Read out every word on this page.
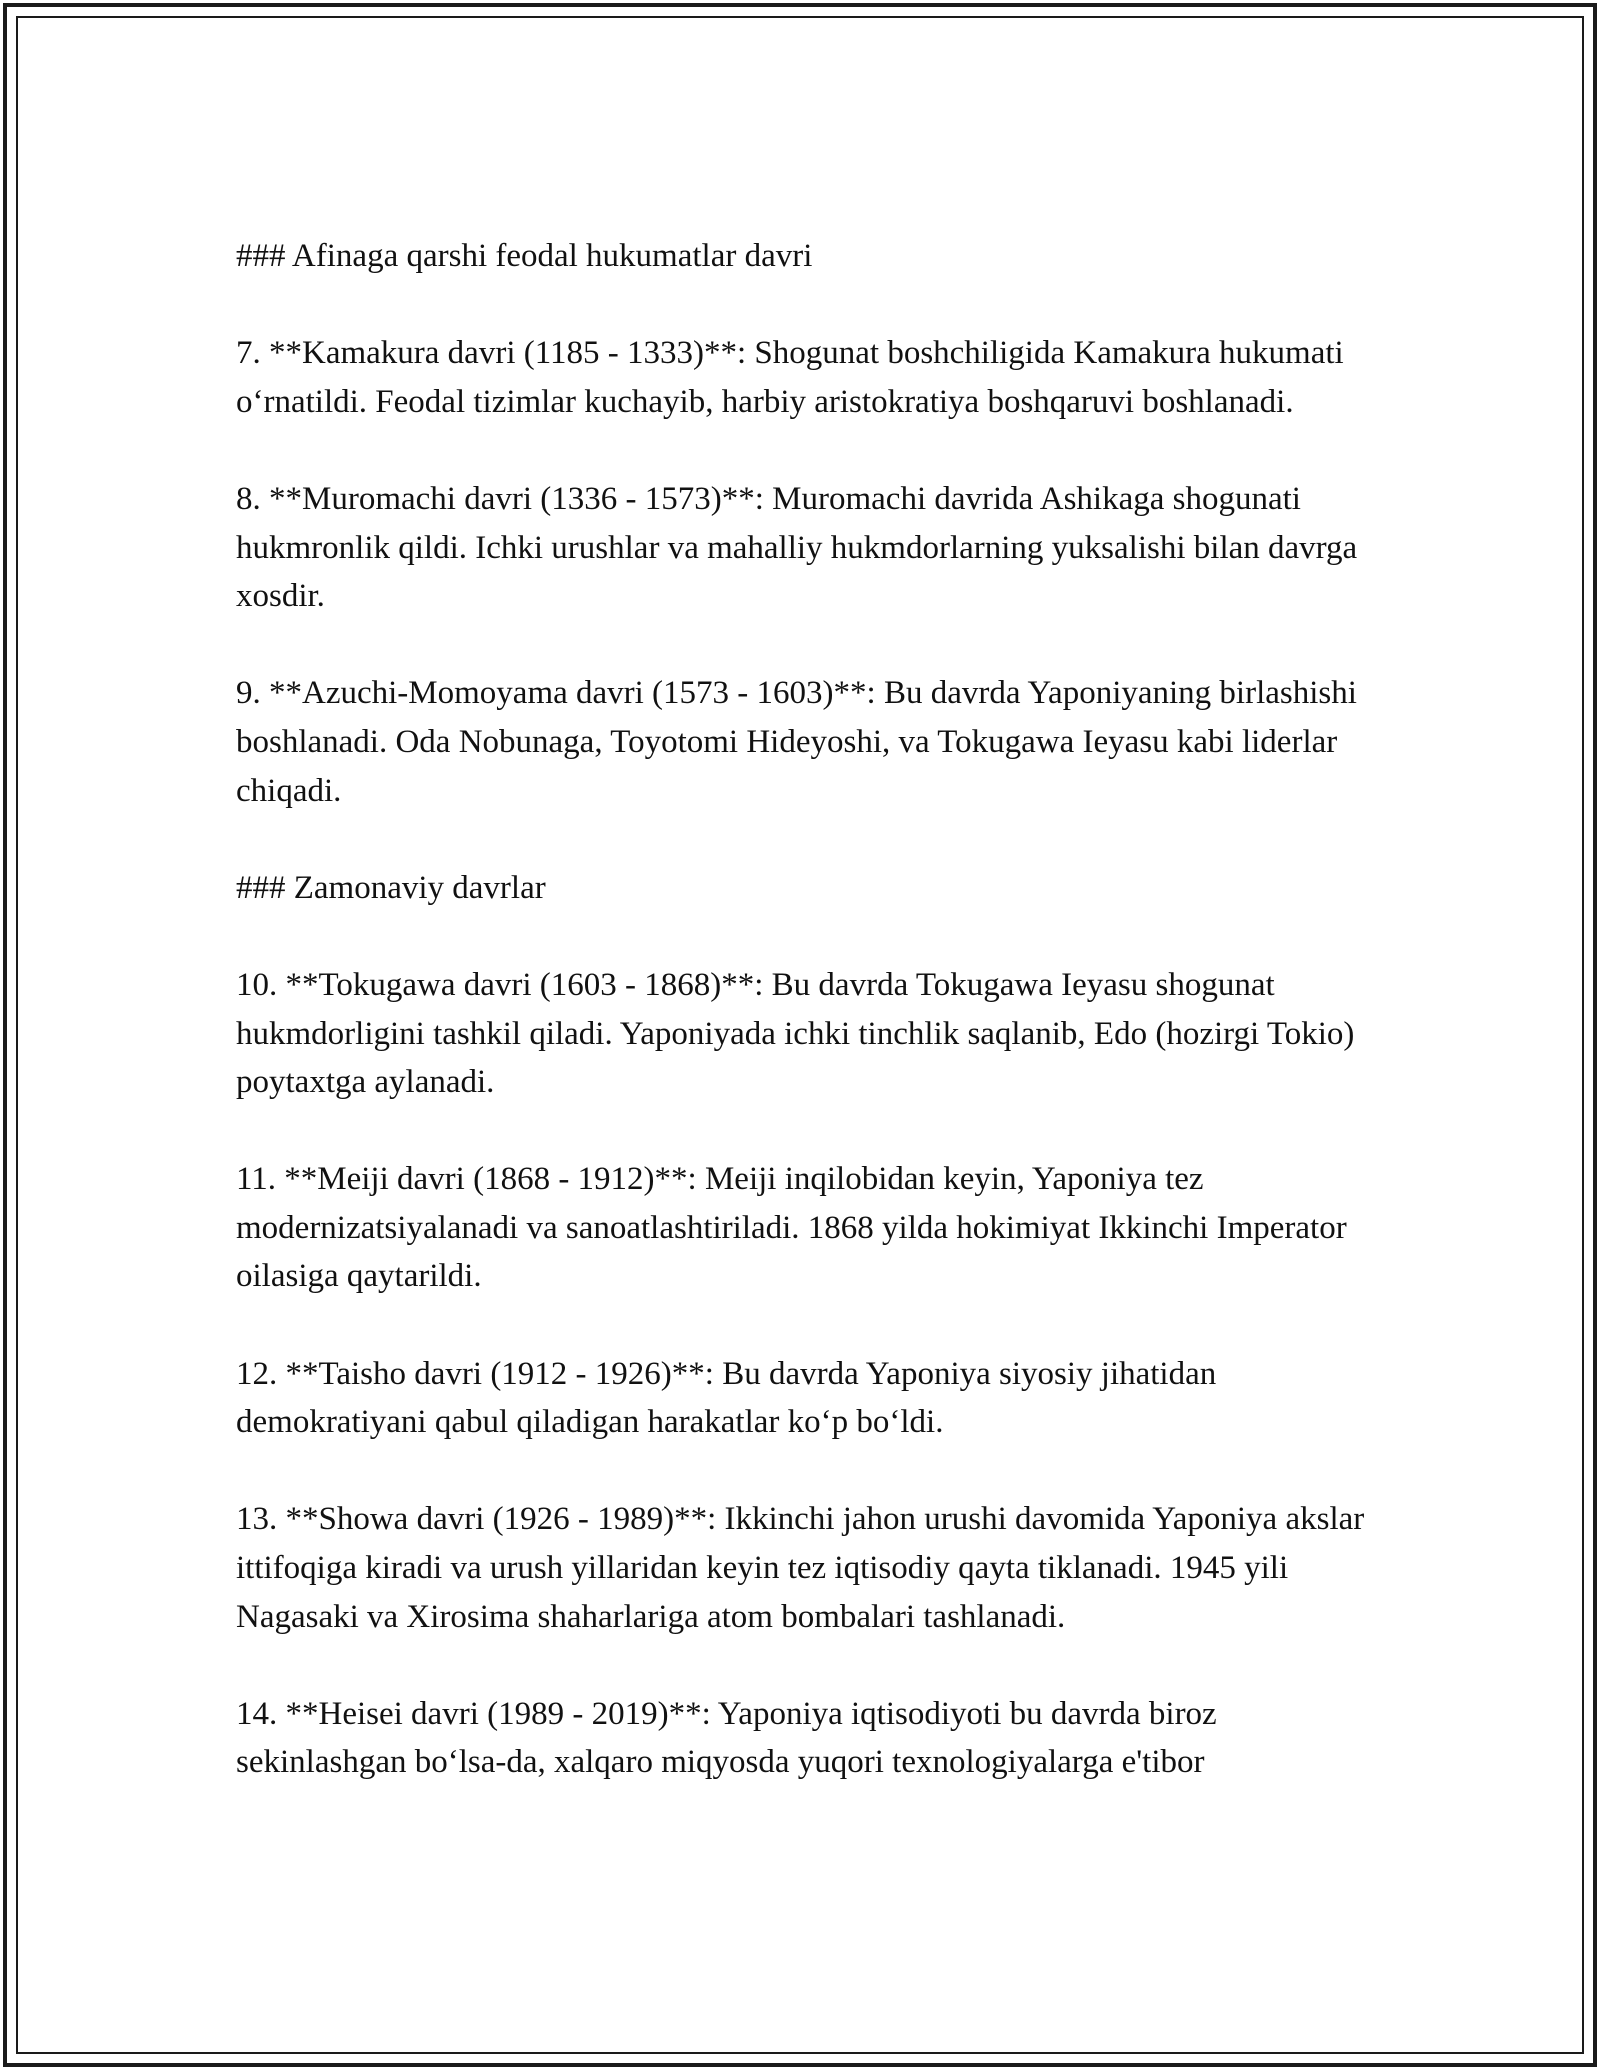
### Afinaga qarshi feodal hukumatlar davri

7. **Kamakura davri (1185 - 1333)**: Shogunat boshchiligida Kamakura hukumati o‘rnatildi. Feodal tizimlar kuchayib, harbiy aristokratiya boshqaruvi boshlanadi.

8. **Muromachi davri (1336 - 1573)**: Muromachi davrida Ashikaga shogunati hukmronlik qildi. Ichki urushlar va mahalliy hukmdorlarning yuksalishi bilan davrga xosdir.

9. **Azuchi-Momoyama davri (1573 - 1603)**: Bu davrda Yaponiyaning birlashishi boshlanadi. Oda Nobunaga, Toyotomi Hideyoshi, va Tokugawa Ieyasu kabi liderlar chiqadi.

### Zamonaviy davrlar

10. **Tokugawa davri (1603 - 1868)**: Bu davrda Tokugawa Ieyasu shogunat hukmdorligini tashkil qiladi. Yaponiyada ichki tinchlik saqlanib, Edo (hozirgi Tokio) poytaxtga aylanadi.

11. **Meiji davri (1868 - 1912)**: Meiji inqilobidan keyin, Yaponiya tez modernizatsiyalanadi va sanoatlashtiriladi. 1868 yilda hokimiyat Ikkinchi Imperator oilasiga qaytarildi.

12. **Taisho davri (1912 - 1926)**: Bu davrda Yaponiya siyosiy jihatidan demokratiyani qabul qiladigan harakatlar ko‘p bo‘ldi.

13. **Showa davri (1926 - 1989)**: Ikkinchi jahon urushi davomida Yaponiya akslar ittifoqiga kiradi va urush yillaridan keyin tez iqtisodiy qayta tiklanadi. 1945 yili Nagasaki va Xirosima shaharlariga atom bombalari tashlanadi.

14. **Heisei davri (1989 - 2019)**: Yaponiya iqtisodiyoti bu davrda biroz sekinlashgan bo‘lsa-da, xalqaro miqyosda yuqori texnologiyalarga e'tibor
